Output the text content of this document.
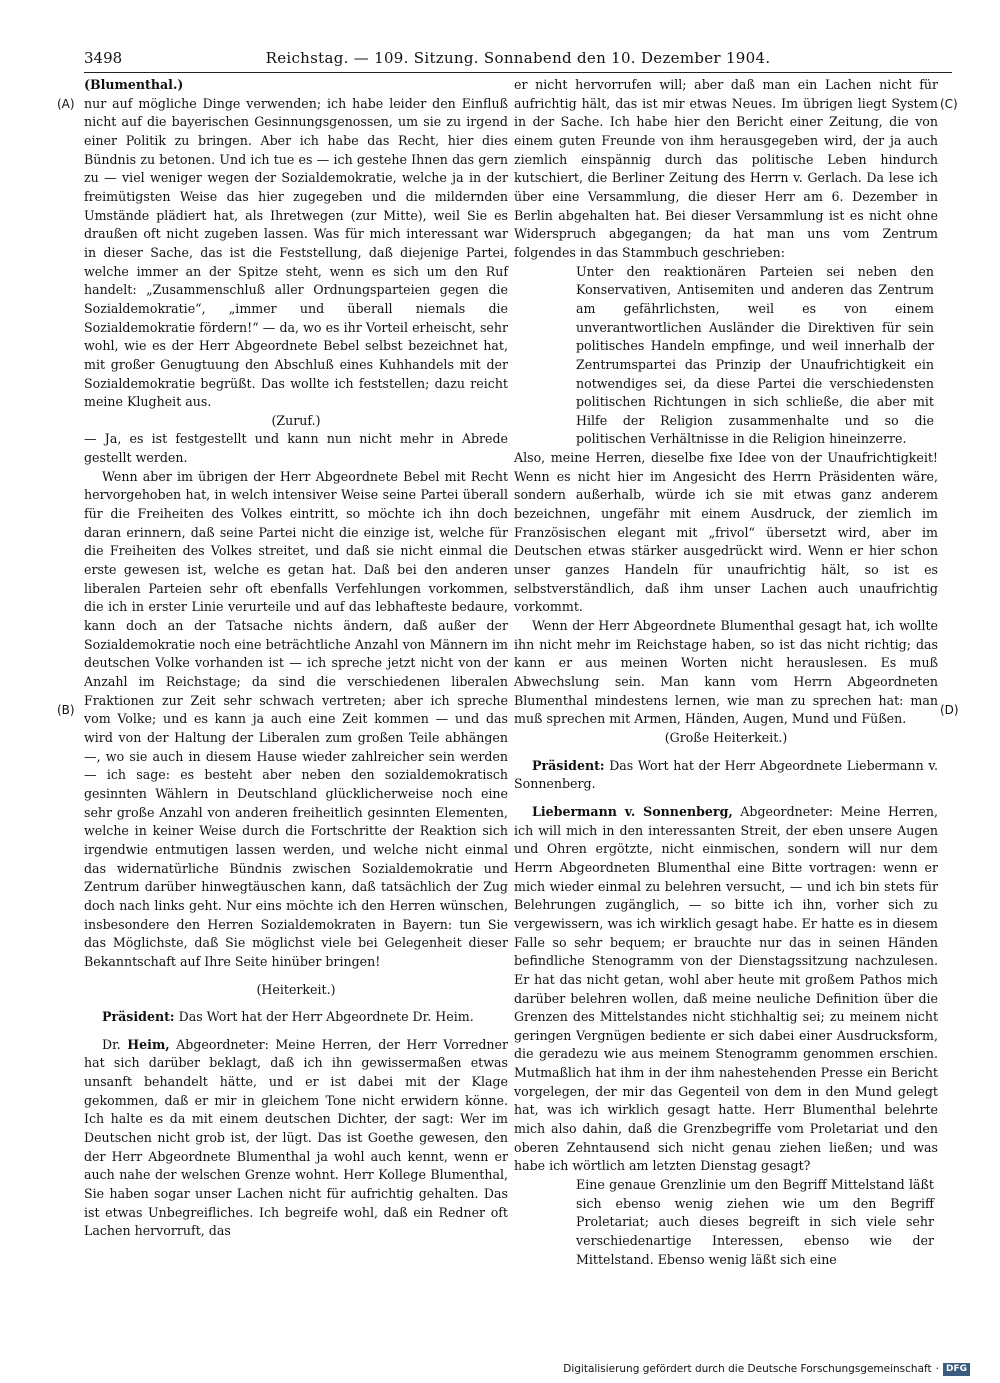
3498	Reichstag. — 109. Sitzung. Sonnabend den 10. Dezember 1904.
(A)
(B)
(C)
(D)

(Blumenthal.)

nur auf mögliche Dinge verwenden; ich habe leider den Einfluß nicht auf die bayerischen Gesinnungsgenossen, um sie zu irgend einer Politik zu bringen. Aber ich habe das Recht, hier dies Bündnis zu betonen. Und ich tue es — ich gestehe Ihnen das gern zu — viel weniger wegen der Sozialdemokratie, welche ja in der freimütigsten Weise das hier zugegeben und die mildernden Umstände plädiert hat, als Ihretwegen (zur Mitte), weil Sie es draußen oft nicht zugeben lassen. Was für mich interessant war in dieser Sache, das ist die Feststellung, daß diejenige Partei, welche immer an der Spitze steht, wenn es sich um den Ruf handelt: „Zusammenschluß aller Ordnungsparteien gegen die Sozialdemokratie“, „immer und überall niemals die Sozialdemokratie fördern!“ — da, wo es ihr Vorteil erheischt, sehr wohl, wie es der Herr Abgeordnete Bebel selbst bezeichnet hat, mit großer Genugtuung den Abschluß eines Kuhhandels mit der Sozialdemokratie begrüßt. Das wollte ich feststellen; dazu reicht meine Klugheit aus.

(Zuruf.)

— Ja, es ist festgestellt und kann nun nicht mehr in Abrede gestellt werden.

Wenn aber im übrigen der Herr Abgeordnete Bebel mit Recht hervorgehoben hat, in welch intensiver Weise seine Partei überall für die Freiheiten des Volkes eintritt, so möchte ich ihn doch daran erinnern, daß seine Partei nicht die einzige ist, welche für die Freiheiten des Volkes streitet, und daß sie nicht einmal die erste gewesen ist, welche es getan hat. Daß bei den anderen liberalen Parteien sehr oft ebenfalls Verfehlungen vorkommen, die ich in erster Linie verurteile und auf das lebhafteste bedaure, kann doch an der Tatsache nichts ändern, daß außer der Sozialdemokratie noch eine beträchtliche Anzahl von Männern im deutschen Volke vorhanden ist — ich spreche jetzt nicht von der Anzahl im Reichstage; da sind die verschiedenen liberalen Fraktionen zur Zeit sehr schwach vertreten; aber ich spreche vom Volke; und es kann ja auch eine Zeit kommen — und das wird von der Haltung der Liberalen zum großen Teile abhängen —, wo sie auch in diesem Hause wieder zahlreicher sein werden — ich sage: es besteht aber neben den sozialdemokratisch gesinnten Wählern in Deutschland glücklicherweise noch eine sehr große Anzahl von anderen freiheitlich gesinnten Elementen, welche in keiner Weise durch die Fortschritte der Reaktion sich irgendwie entmutigen lassen werden, und welche nicht einmal das widernatürliche Bündnis zwischen Sozialdemokratie und Zentrum darüber hinwegtäuschen kann, daß tatsächlich der Zug doch nach links geht. Nur eins möchte ich den Herren wünschen, insbesondere den Herren Sozialdemokraten in Bayern: tun Sie das Möglichste, daß Sie möglichst viele bei Gelegenheit dieser Bekanntschaft auf Ihre Seite hinüber bringen!

(Heiterkeit.)

Präsident: Das Wort hat der Herr Abgeordnete Dr. Heim.

Dr. Heim, Abgeordneter: Meine Herren, der Herr Vorredner hat sich darüber beklagt, daß ich ihn gewissermaßen etwas unsanft behandelt hätte, und er ist dabei mit der Klage gekommen, daß er mir in gleichem Tone nicht erwidern könne. Ich halte es da mit einem deutschen Dichter, der sagt: Wer im Deutschen nicht grob ist, der lügt. Das ist Goethe gewesen, den der Herr Abgeordnete Blumenthal ja wohl auch kennt, wenn er auch nahe der welschen Grenze wohnt. Herr Kollege Blumenthal, Sie haben sogar unser Lachen nicht für aufrichtig gehalten. Das ist etwas Unbegreifliches. Ich begreife wohl, daß ein Redner oft Lachen hervorruft, das

er nicht hervorrufen will; aber daß man ein Lachen nicht für aufrichtig hält, das ist mir etwas Neues. Im übrigen liegt System in der Sache. Ich habe hier den Bericht einer Zeitung, die von einem guten Freunde von ihm herausgegeben wird, der ja auch ziemlich einspännig durch das politische Leben hindurch kutschiert, die Berliner Zeitung des Herrn v. Gerlach. Da lese ich über eine Versammlung, die dieser Herr am 6. Dezember in Berlin abgehalten hat. Bei dieser Versammlung ist es nicht ohne Widerspruch abgegangen; da hat man uns vom Zentrum folgendes in das Stammbuch geschrieben:

Unter den reaktionären Parteien sei neben den Konservativen, Antisemiten und anderen das Zentrum am gefährlichsten, weil es von einem unverantwortlichen Ausländer die Direktiven für sein politisches Handeln empfinge, und weil innerhalb der Zentrumspartei das Prinzip der Unaufrichtigkeit ein notwendiges sei, da diese Partei die verschiedensten politischen Richtungen in sich schließe, die aber mit Hilfe der Religion zusammenhalte und so die politischen Verhältnisse in die Religion hineinzerre.

Also, meine Herren, dieselbe fixe Idee von der Unaufrichtigkeit! Wenn es nicht hier im Angesicht des Herrn Präsidenten wäre, sondern außerhalb, würde ich sie mit etwas ganz anderem bezeichnen, ungefähr mit einem Ausdruck, der ziemlich im Französischen elegant mit „frivol“ übersetzt wird, aber im Deutschen etwas stärker ausgedrückt wird. Wenn er hier schon unser ganzes Handeln für unaufrichtig hält, so ist es selbstverständlich, daß ihm unser Lachen auch unaufrichtig vorkommt.

Wenn der Herr Abgeordnete Blumenthal gesagt hat, ich wollte ihn nicht mehr im Reichstage haben, so ist das nicht richtig; das kann er aus meinen Worten nicht herauslesen. Es muß Abwechslung sein. Man kann vom Herrn Abgeordneten Blumenthal mindestens lernen, wie man zu sprechen hat: man muß sprechen mit Armen, Händen, Augen, Mund und Füßen.

(Große Heiterkeit.)

Präsident: Das Wort hat der Herr Abgeordnete Liebermann v. Sonnenberg.

Liebermann v. Sonnenberg, Abgeordneter: Meine Herren, ich will mich in den interessanten Streit, der eben unsere Augen und Ohren ergötzte, nicht einmischen, sondern will nur dem Herrn Abgeordneten Blumenthal eine Bitte vortragen: wenn er mich wieder einmal zu belehren versucht, — und ich bin stets für Belehrungen zugänglich, — so bitte ich ihn, vorher sich zu vergewissern, was ich wirklich gesagt habe. Er hatte es in diesem Falle so sehr bequem; er brauchte nur das in seinen Händen befindliche Stenogramm von der Dienstagssitzung nachzulesen. Er hat das nicht getan, wohl aber heute mit großem Pathos mich darüber belehren wollen, daß meine neuliche Definition über die Grenzen des Mittelstandes nicht stichhaltig sei; zu meinem nicht geringen Vergnügen bediente er sich dabei einer Ausdrucksform, die geradezu wie aus meinem Stenogramm genommen erschien. Mutmaßlich hat ihm in der ihm nahestehenden Presse ein Bericht vorgelegen, der mir das Gegenteil von dem in den Mund gelegt hat, was ich wirklich gesagt hatte. Herr Blumenthal belehrte mich also dahin, daß die Grenzbegriffe vom Proletariat und den oberen Zehntausend sich nicht genau ziehen ließen; und was habe ich wörtlich am letzten Dienstag gesagt?

Eine genaue Grenzlinie um den Begriff Mittelstand läßt sich ebenso wenig ziehen wie um den Begriff Proletariat; auch dieses begreift in sich viele sehr verschiedenartige Interessen, ebenso wie der Mittelstand. Ebenso wenig läßt sich eine

Digitalisierung gefördert durch die Deutsche Forschungsgemeinschaft · DFG
